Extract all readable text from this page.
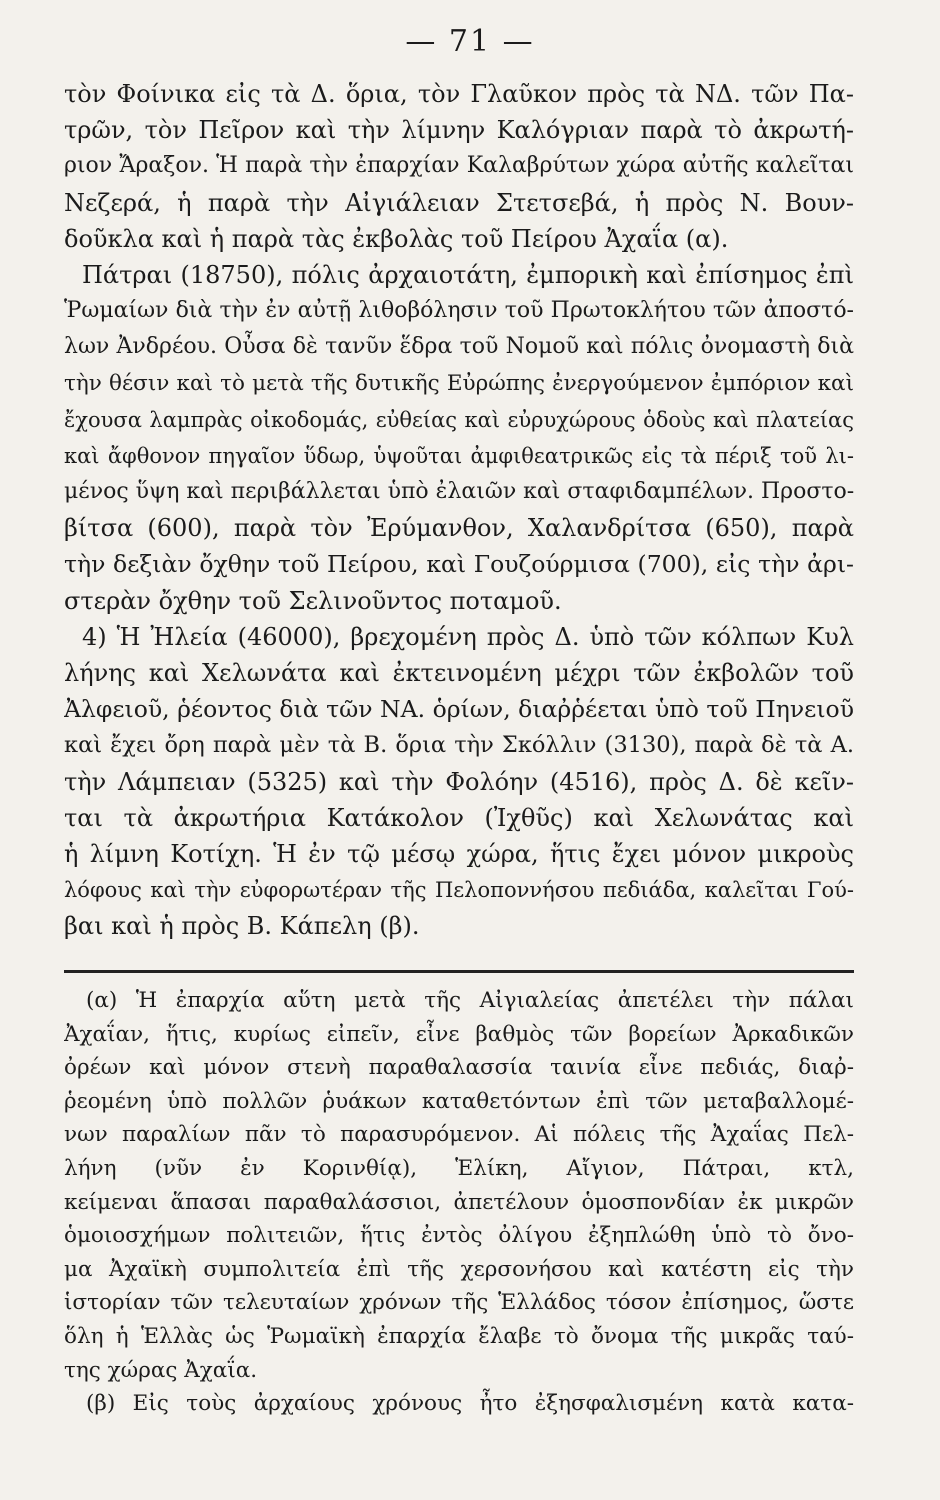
— 71 —
τὸν Φοίνικα εἰς τὰ Δ. ὅρια, τὸν Γλαῦκον πρὸς τὰ ΝΔ. τῶν Πα-
τρῶν, τὸν Πεῖρον καὶ τὴν λίμνην Καλόγριαν παρὰ τὸ ἀκρωτή-
ριον Ἄραξον. Ἡ παρὰ τὴν ἐπαρχίαν Καλαβρύτων χώρα αὐτῆς καλεῖται
Νεζερά, ἡ παρὰ τὴν Αἰγιάλειαν Στετσεβά, ἡ πρὸς Ν. Βουν-
δοῦκλα καὶ ἡ παρὰ τὰς ἐκβολὰς τοῦ Πείρου Ἀχαΐα (α).
Πάτραι (18750), πόλις ἀρχαιοτάτη, ἐμπορικὴ καὶ ἐπίσημος ἐπὶ
Ῥωμαίων διὰ τὴν ἐν αὐτῇ λιθοβόλησιν τοῦ Πρωτοκλήτου τῶν ἀποστό-
λων Ἀνδρέου. Οὖσα δὲ τανῦν ἕδρα τοῦ Νομοῦ καὶ πόλις ὀνομαστὴ διὰ
τὴν θέσιν καὶ τὸ μετὰ τῆς δυτικῆς Εὐρώπης ἐνεργούμενον ἐμπόριον καὶ
ἔχουσα λαμπρὰς οἰκοδομάς, εὐθείας καὶ εὐρυχώρους ὁδοὺς καὶ πλατείας
καὶ ἄφθονον πηγαῖον ὕδωρ, ὑψοῦται ἀμφιθεατρικῶς εἰς τὰ πέριξ τοῦ λι-
μένος ὕψη καὶ περιβάλλεται ὑπὸ ἐλαιῶν καὶ σταφιδαμπέλων. Προστο-
βίτσα (600), παρὰ τὸν Ἐρύμανθον, Χαλανδρίτσα (650), παρὰ
τὴν δεξιὰν ὄχθην τοῦ Πείρου, καὶ Γουζούρμισα (700), εἰς τὴν ἀρι-
στερὰν ὄχθην τοῦ Σελινοῦντος ποταμοῦ.
4) Ἡ Ἠλεία (46000), βρεχομένη πρὸς Δ. ὑπὸ τῶν κόλπων Κυλ
λήνης καὶ Χελωνάτα καὶ ἐκτεινομένη μέχρι τῶν ἐκβολῶν τοῦ
Ἀλφειοῦ, ῥέοντος διὰ τῶν ΝΑ. ὁρίων, διαῤῥέεται ὑπὸ τοῦ Πηνειοῦ
καὶ ἔχει ὄρη παρὰ μὲν τὰ Β. ὅρια τὴν Σκόλλιν (3130), παρὰ δὲ τὰ Α.
τὴν Λάμπειαν (5325) καὶ τὴν Φολόην (4516), πρὸς Δ. δὲ κεῖν-
ται τὰ ἀκρωτήρια Κατάκολον (Ἰχθῦς) καὶ Χελωνάτας καὶ
ἡ λίμνη Κοτίχη. Ἡ ἐν τῷ μέσῳ χώρα, ἥτις ἔχει μόνον μικροὺς
λόφους καὶ τὴν εὐφορωτέραν τῆς Πελοποννήσου πεδιάδα, καλεῖται Γού-
βαι καὶ ἡ πρὸς Β. Κάπελη (β).
(α) Ἡ ἐπαρχία αὕτη μετὰ τῆς Αἰγιαλείας ἀπετέλει τὴν πάλαι
Ἀχαΐαν, ἥτις, κυρίως εἰπεῖν, εἶνε βαθμὸς τῶν βορείων Ἀρκαδικῶν
ὀρέων καὶ μόνον στενὴ παραθαλασσία ταινία εἶνε πεδιάς, διαῤ-
ῥεομένη ὑπὸ πολλῶν ῥυάκων καταθετόντων ἐπὶ τῶν μεταβαλλομέ-
νων παραλίων πᾶν τὸ παρασυρόμενον. Αἱ πόλεις τῆς Ἀχαΐας Πελ-
λήνη (νῦν ἐν Κορινθίᾳ), Ἑλίκη, Αἴγιον, Πάτραι, κτλ,
κείμεναι ἅπασαι παραθαλάσσιοι, ἀπετέλουν ὁμοσπονδίαν ἐκ μικρῶν
ὁμοιοσχήμων πολιτειῶν, ἥτις ἐντὸς ὀλίγου ἐξηπλώθη ὑπὸ τὸ ὄνο-
μα Ἀχαϊκὴ συμπολιτεία ἐπὶ τῆς χερσονήσου καὶ κατέστη εἰς τὴν
ἱστορίαν τῶν τελευταίων χρόνων τῆς Ἑλλάδος τόσον ἐπίσημος, ὥστε
ὅλη ἡ Ἑλλὰς ὡς Ῥωμαϊκὴ ἐπαρχία ἔλαβε τὸ ὄνομα τῆς μικρᾶς ταύ-
της χώρας Ἀχαΐα.
(β) Εἰς τοὺς ἀρχαίους χρόνους ἦτο ἐξησφαλισμένη κατὰ κατα-
